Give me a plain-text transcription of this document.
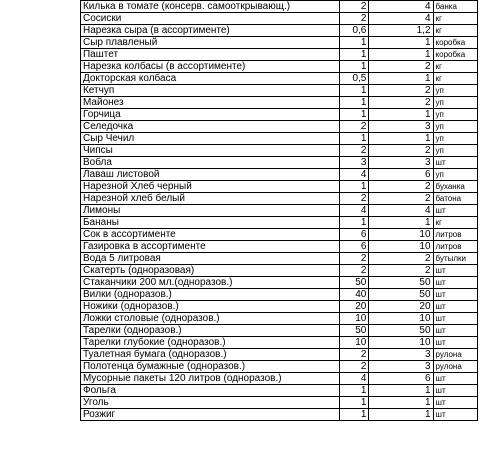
	Килька в томате (консерв. самооткрывающ.)	2	4	банка	
	Сосиски	2	4	кг	
	Нарезка сыра (в ассортименте)	0,6	1,2	кг	
	Сыр плавленый	1	1	коробка	
	Паштет	1	1	коробка	
	Нарезка колбасы (в ассортименте)	1	2	кг	
	Докторская колбаса	0,5	1	кг	
	Кетчуп	1	2	уп	
	Майонез	1	2	уп	
	Горчица	1	1	уп	
	Селедочка	2	3	уп	
	Сыр Чечил	1	1	уп	
	Чипсы	2	2	уп	
	Вобла	3	3	шт	
	Лаваш листовой	4	6	уп	
	Нарезной Хлеб черный	1	2	буханка	
	Нарезной хлеб белый	2	2	батона	
	Лимоны	4	4	шт	
	Бананы	1	1	кг	
	Сок в ассортименте	6	10	литров	
	Газировка в ассортименте	6	10	литров	
	Вода 5 литровая	2	2	бутылки	
	Скатерть (одноразовая)	2	2	шт	
	Стаканчики 200 мл.(одноразов.)	50	50	шт	
	Вилки (одноразов.)	40	50	шт	
	Ножики (одноразов.)	20	20	шт	
	Ложки столовые (одноразов.)	10	10	шт	
	Тарелки (одноразов.)	50	50	шт	
	Тарелки глубокие (одноразов.)	10	10	шт	
	Туалетная бумага (одноразов.)	2	3	рулона	
	Полотенца бумажные (одноразов.)	2	3	рулона	
	Мусорные пакеты 120 литров (одноразов.)	4	6	шт	
	Фольга	1	1	шт	
	Уголь	1	1	шт	
	Розжиг	1	1	шт	
